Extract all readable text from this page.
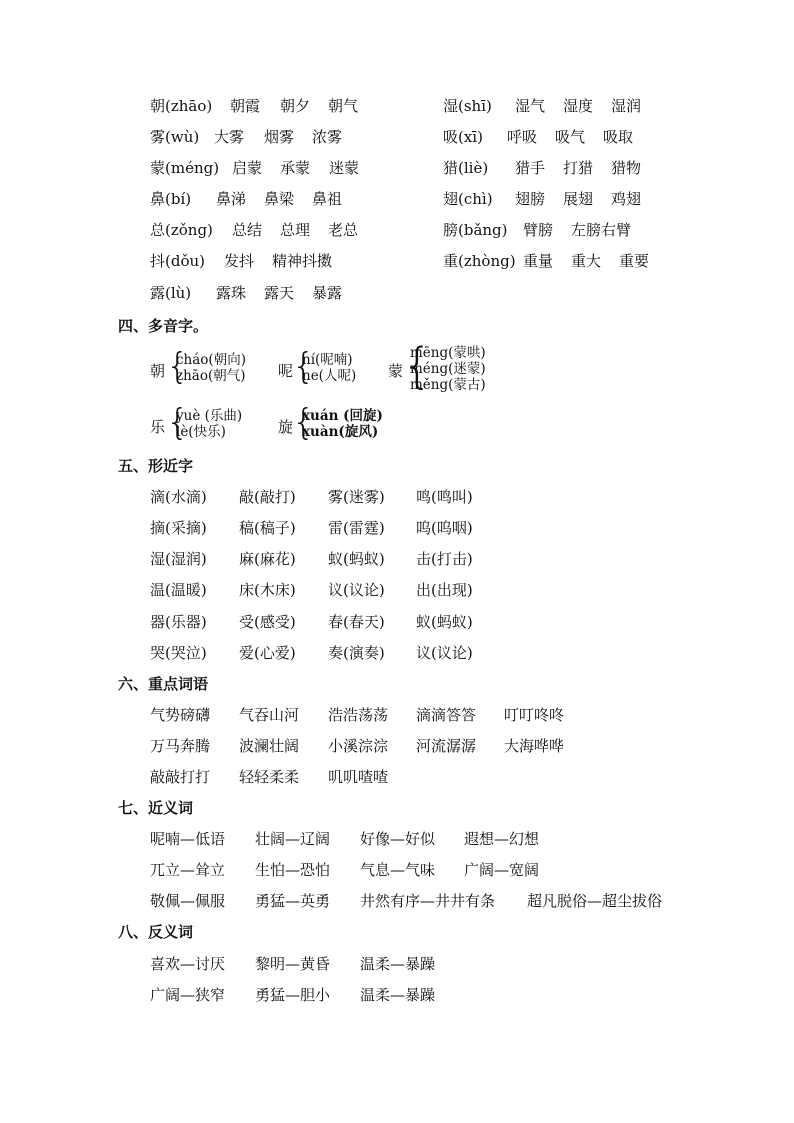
朝(zhāo) 朝霞 朝夕 朝气
雾(wù) 大雾 烟雾 浓雾
蒙(méng) 启蒙 承蒙 迷蒙
鼻(bí) 鼻涕 鼻梁 鼻祖
总(zǒng) 总结 总理 老总
抖(dǒu) 发抖 精神抖擞
露(lù) 露珠 露天 暴露
湿(shī) 湿气 湿度 湿润
吸(xī) 呼吸 吸气 吸取
猎(liè) 猎手 打猎 猎物
翅(chì) 翅膀 展翅 鸡翅
膀(bǎng) 臂膀 左膀右臂
重(zhòng) 重量 重大 重要
四、多音字。
朝 {
cháo(朝向)
zhāo(朝气) 呢
{
ní(呢喃)
ne(人呢) 蒙
{
mēng(蒙哄)
méng(迷蒙)
měng(蒙古)
乐 {
yuè (乐曲)
lè(快乐)	旋
{
xuán (回旋)
xuàn(旋风)
五、形近字
滴(水滴) 敲(敲打) 雾(迷雾) 鸣(鸣叫)
摘(采摘) 稿(稿子) 雷(雷霆) 呜(呜咽)
湿(湿润) 麻(麻花) 蚁(蚂蚁) 击(打击)
温(温暖) 床(木床) 议(议论) 出(出现)
器(乐器) 受(感受) 春(春天) 蚁(蚂蚁)
哭(哭泣) 爱(心爱) 奏(演奏) 议(议论)
六、重点词语
气势磅礴 气吞山河 浩浩荡荡 滴滴答答 叮叮咚咚
万马奔腾 波澜壮阔 小溪淙淙 河流潺潺 大海哗哗
敲敲打打 轻轻柔柔 叽叽喳喳
七、近义词
呢喃—低语 壮阔—辽阔 好像—好似 遐想—幻想
兀立—耸立 生怕—恐怕 气息—气味 广阔—宽阔
敬佩—佩服 勇猛—英勇 井然有序—井井有条 超凡脱俗—超尘拔俗
八、反义词
喜欢—讨厌 黎明—黄昏 温柔—暴躁
广阔—狭窄 勇猛—胆小 温柔—暴躁
